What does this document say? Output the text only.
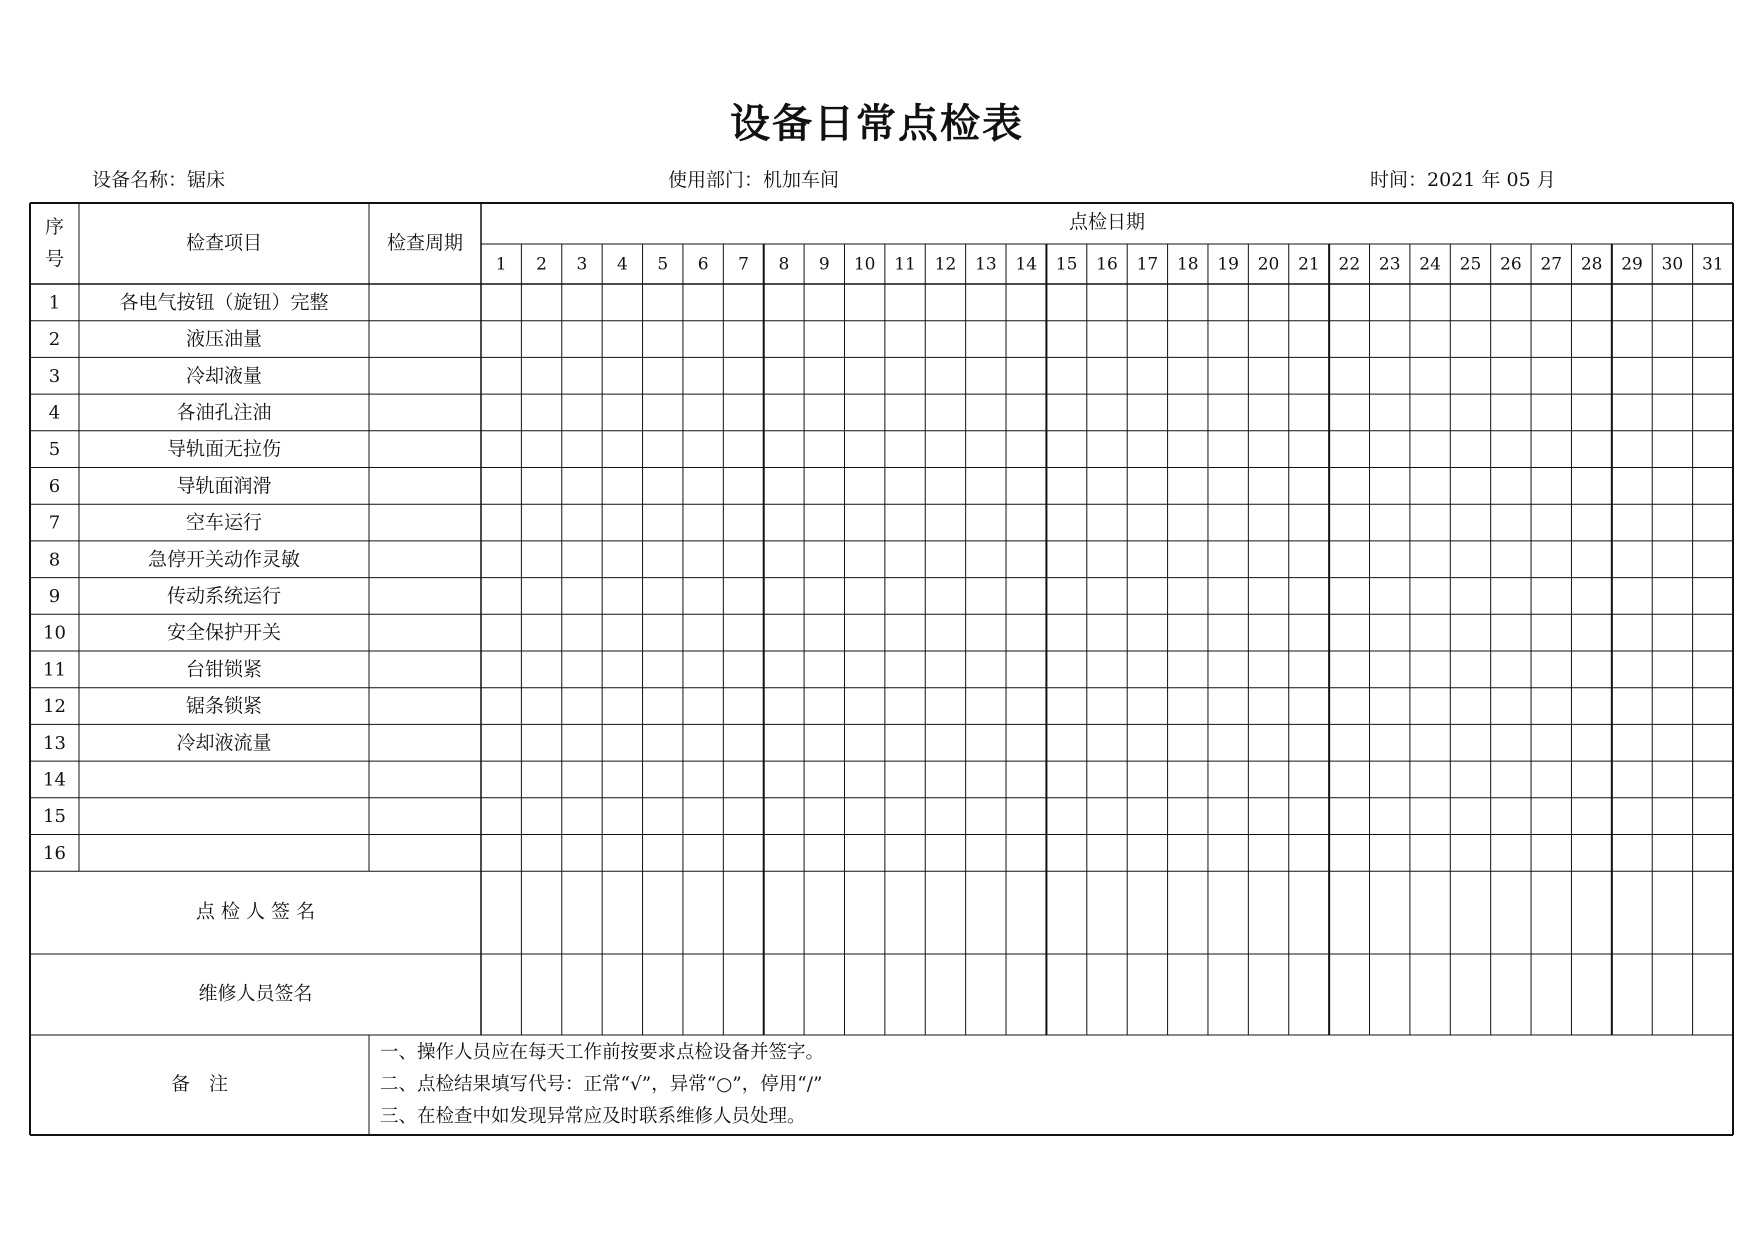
设备日常点检表
设备名称：锯床	使用部门：机加车间	时间：2021 年 05 月
序
号
检查项目	检查周期
点检日期
1 2 3 4 5 6 7 8 9 10 11 12 13 14 15 16 17 18 19 20 21 22 23 24 25 26 27 28 29 30 31
1	各电气按钮（旋钮）完整
2	液压油量
3	冷却液量
4	各油孔注油
5	导轨面无拉伤
6	导轨面润滑
7	空车运行
8	急停开关动作灵敏
9	传动系统运行
10	安全保护开关
11	台钳锁紧
12	锯条锁紧
13	冷却液流量
14
15
16
点 检 人 签 名
维修人员签名
备　注
一、操作人员应在每天工作前按要求点检设备并签字。
二、点检结果填写代号：正常“√”，异常“○”，停用“/”
三、在检查中如发现异常应及时联系维修人员处理。
